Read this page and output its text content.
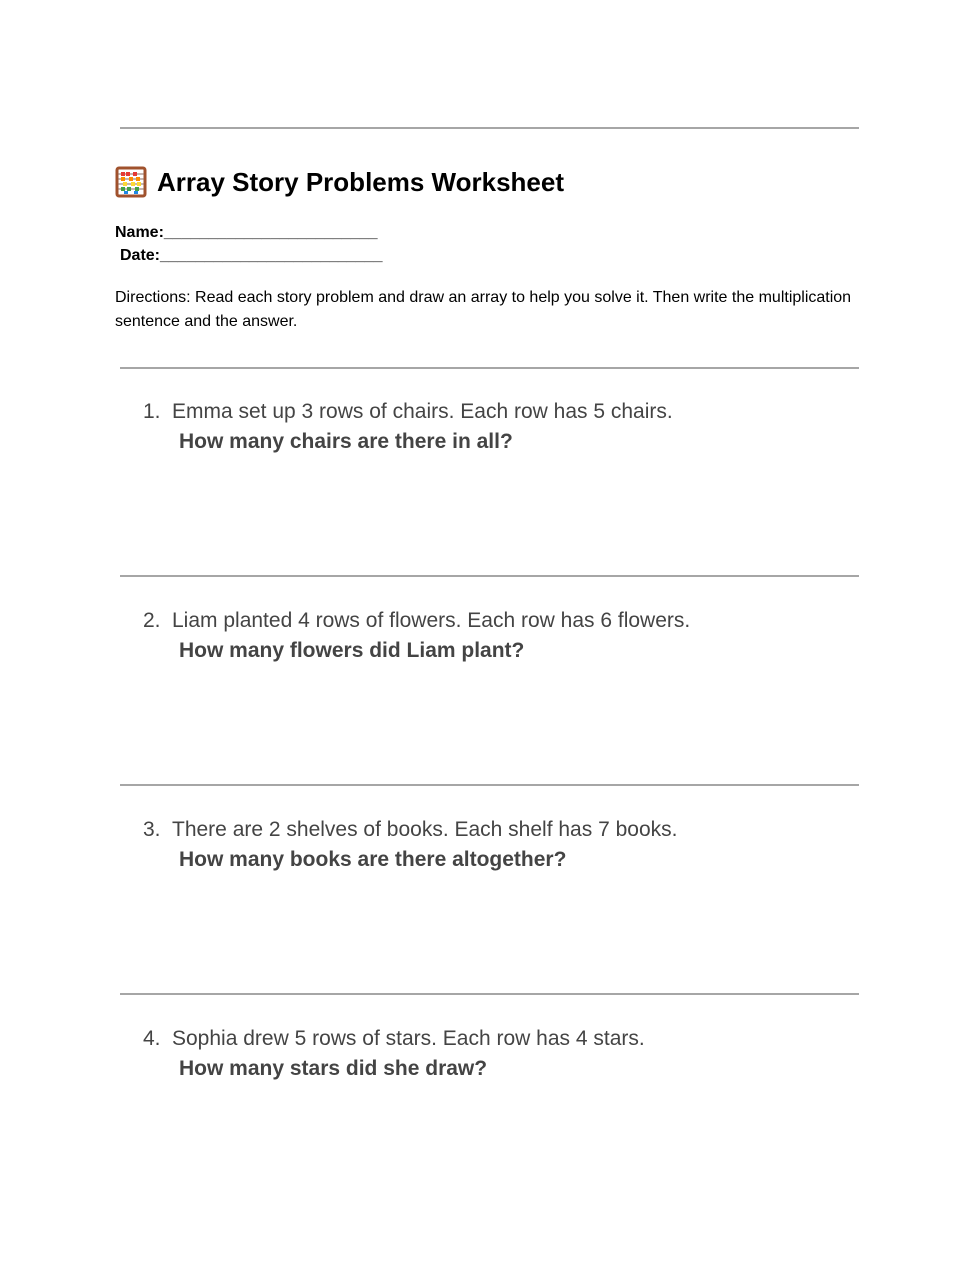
Array Story Problems Worksheet
Name:________________________
Date:_________________________
Directions: Read each story problem and draw an array to help you solve it. Then write the multiplication sentence and the answer.
1. Emma set up 3 rows of chairs. Each row has 5 chairs.
How many chairs are there in all?
2. Liam planted 4 rows of flowers. Each row has 6 flowers.
How many flowers did Liam plant?
3. There are 2 shelves of books. Each shelf has 7 books.
How many books are there altogether?
4. Sophia drew 5 rows of stars. Each row has 4 stars.
How many stars did she draw?
